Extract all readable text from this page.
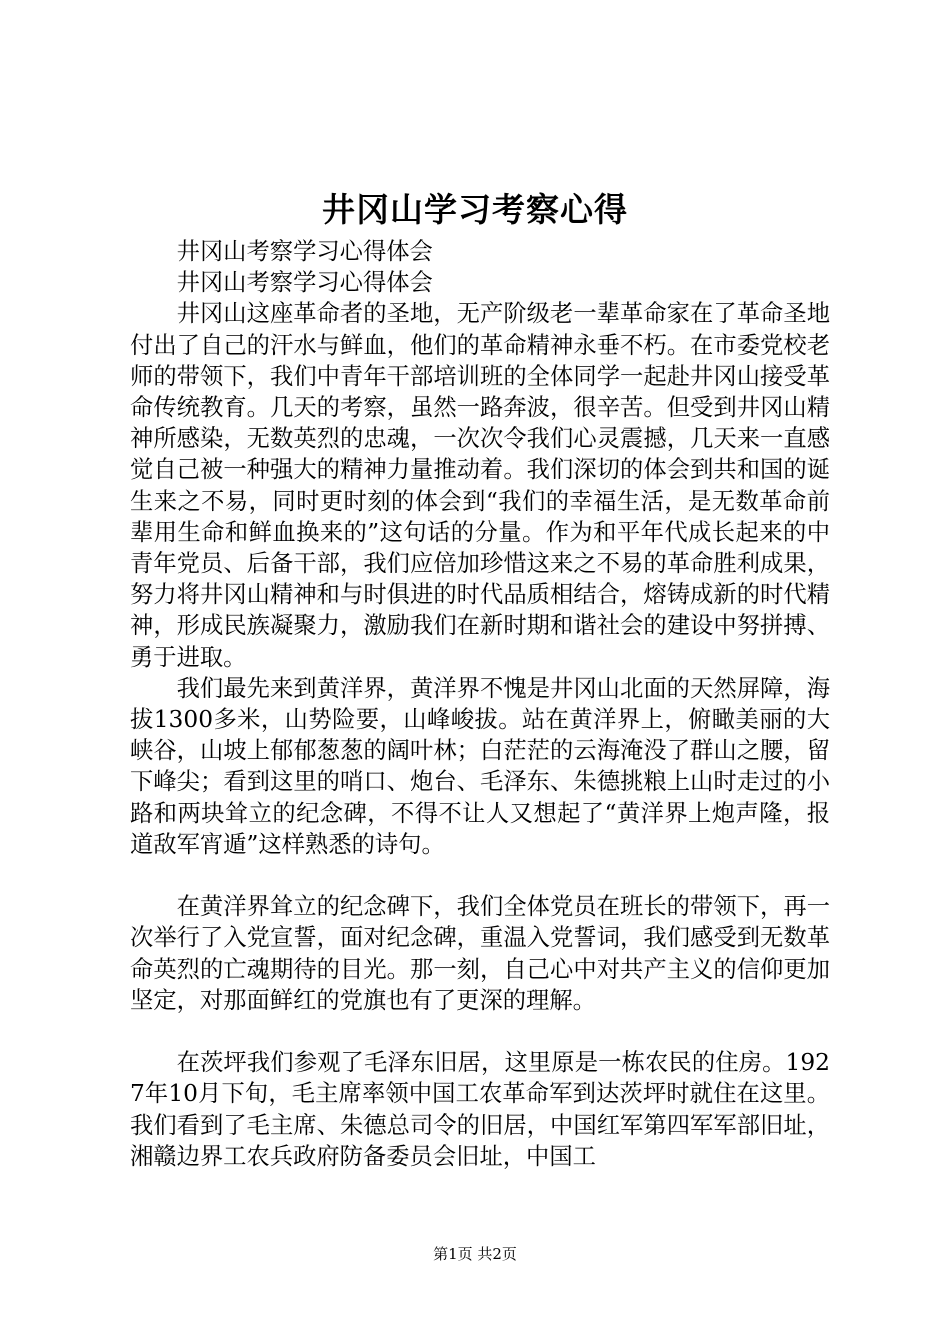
井冈山学习考察心得

井冈山考察学习心得体会

井冈山考察学习心得体会

井冈山这座革命者的圣地，无产阶级老一辈革命家在了革命圣地付出了自己的汗水与鲜血，他们的革命精神永垂不朽。在市委党校老师的带领下，我们中青年干部培训班的全体同学一起赴井冈山接受革命传统教育。几天的考察，虽然一路奔波，很辛苦。但受到井冈山精神所感染，无数英烈的忠魂，一次次令我们心灵震撼，几天来一直感觉自己被一种强大的精神力量推动着。我们深切的体会到共和国的诞生来之不易，同时更时刻的体会到“我们的幸福生活，是无数革命前辈用生命和鲜血换来的”这句话的分量。作为和平年代成长起来的中青年党员、后备干部，我们应倍加珍惜这来之不易的革命胜利成果，努力将井冈山精神和与时俱进的时代品质相结合，熔铸成新的时代精神，形成民族凝聚力，激励我们在新时期和谐社会的建设中努拼搏、勇于进取。

我们最先来到黄洋界，黄洋界不愧是井冈山北面的天然屏障，海拔1300多米，山势险要，山峰峻拔。站在黄洋界上，俯瞰美丽的大峡谷，山坡上郁郁葱葱的阔叶林；白茫茫的云海淹没了群山之腰，留下峰尖；看到这里的哨口、炮台、毛泽东、朱德挑粮上山时走过的小路和两块耸立的纪念碑，不得不让人又想起了“黄洋界上炮声隆，报道敌军宵遁”这样熟悉的诗句。

在黄洋界耸立的纪念碑下，我们全体党员在班长的带领下，再一次举行了入党宣誓，面对纪念碑，重温入党誓词，我们感受到无数革命英烈的亡魂期待的目光。那一刻，自己心中对共产主义的信仰更加坚定，对那面鲜红的党旗也有了更深的理解。

在茨坪我们参观了毛泽东旧居，这里原是一栋农民的住房。1927年10月下旬，毛主席率领中国工农革命军到达茨坪时就住在这里。我们看到了毛主席、朱德总司令的旧居，中国红军第四军军部旧址，湘赣边界工农兵政府防备委员会旧址，中国工

第1页 共2页
